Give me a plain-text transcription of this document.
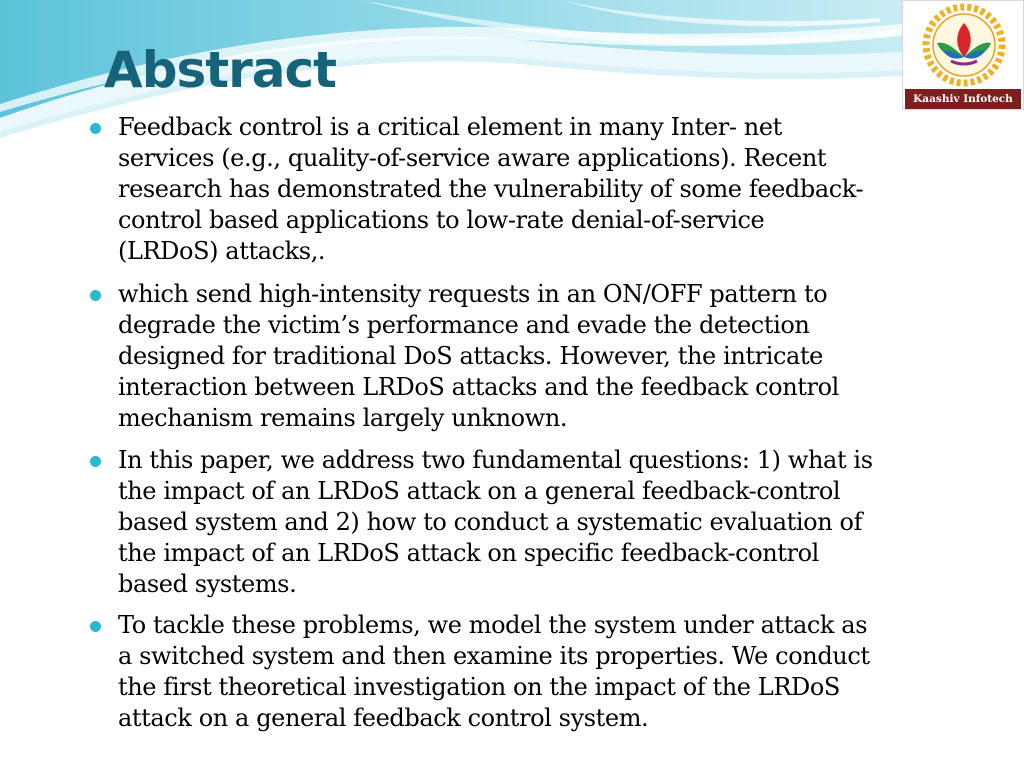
Abstract	Kaashiv Infotech

Feedback control is a critical element in many Inter- net
services (e.g., quality-of-service aware applications). Recent
research has demonstrated the vulnerability of some feedback-
control based applications to low-rate denial-of-service
(LRDoS) attacks,.

which send high-intensity requests in an ON/OFF pattern to
degrade the victim’s performance and evade the detection
designed for traditional DoS attacks. However, the intricate
interaction between LRDoS attacks and the feedback control
mechanism remains largely unknown.

In this paper, we address two fundamental questions: 1) what is
the impact of an LRDoS attack on a general feedback-control
based system and 2) how to conduct a systematic evaluation of
the impact of an LRDoS attack on specific feedback-control
based systems.

To tackle these problems, we model the system under attack as
a switched system and then examine its properties. We conduct
the first theoretical investigation on the impact of the LRDoS
attack on a general feedback control system.
